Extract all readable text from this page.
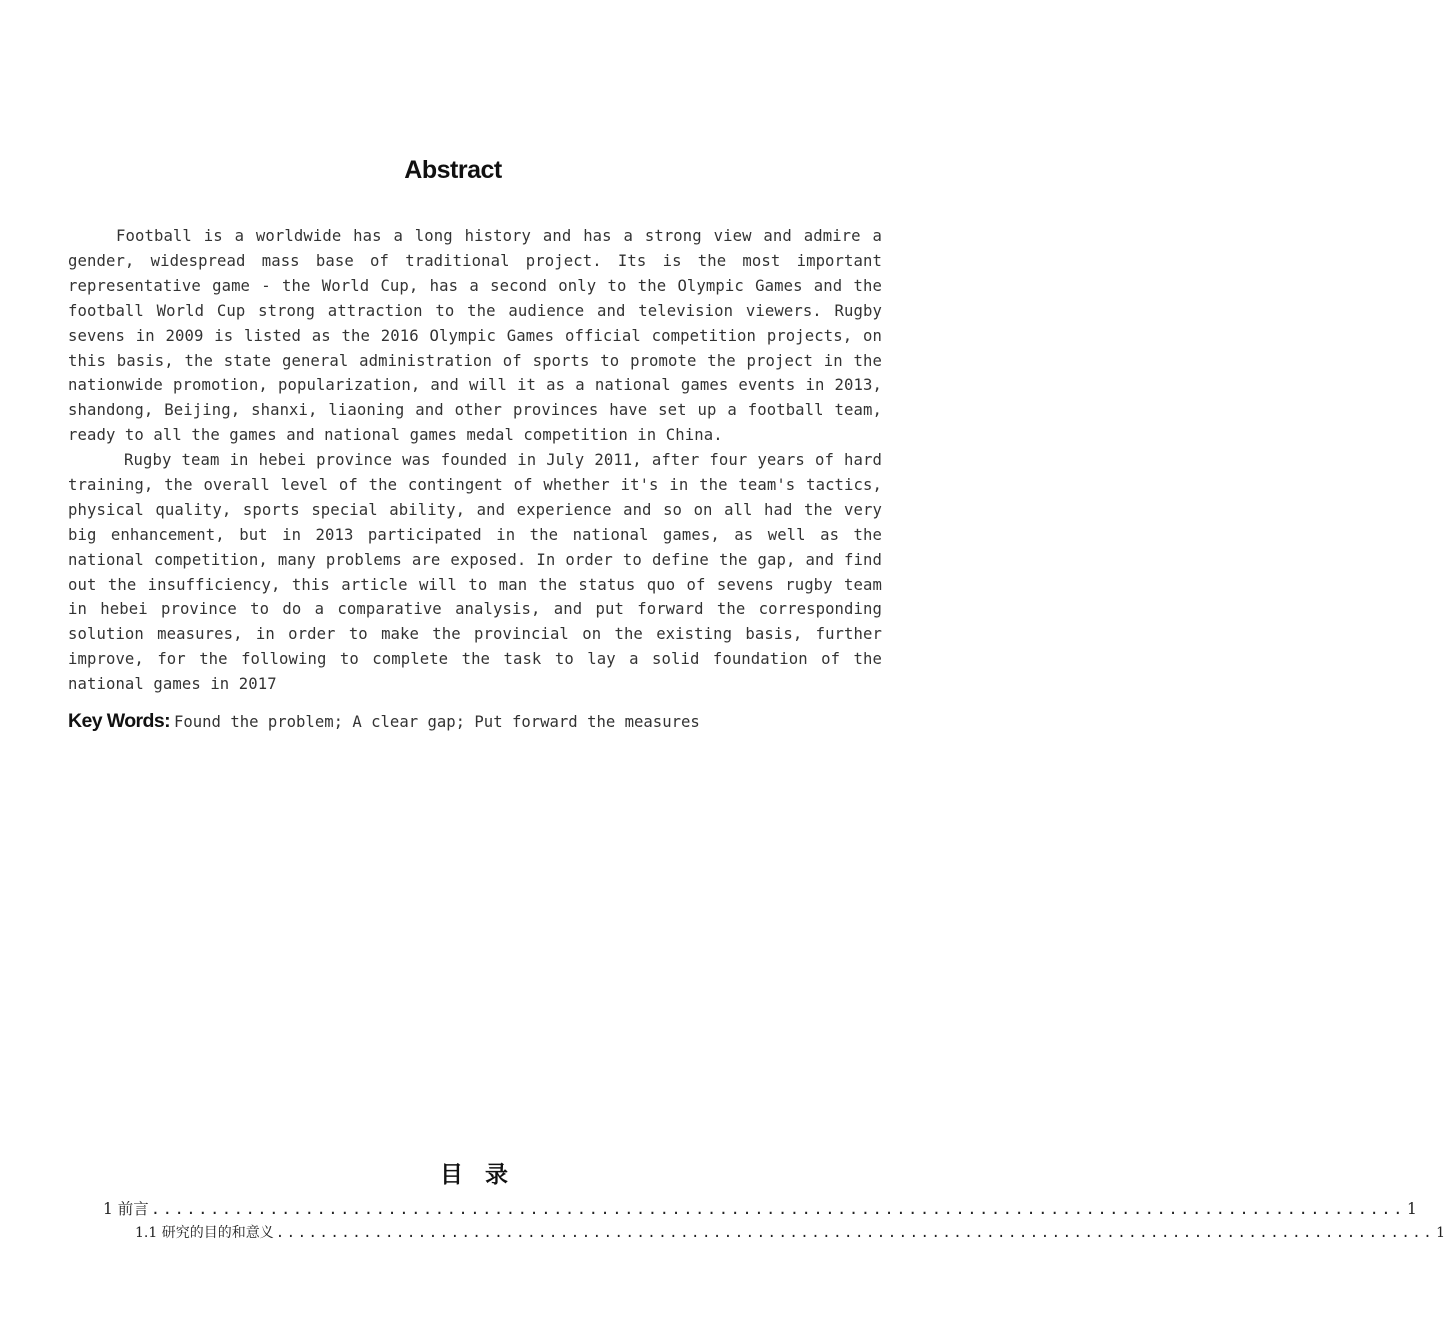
Abstract
Football is a worldwide has a long history and has a strong view and admire a gender, widespread mass base of traditional project. Its is the most important representative game - the World Cup, has a second only to the Olympic Games and the football World Cup strong attraction to the audience and television viewers. Rugby sevens in 2009 is listed as the 2016 Olympic Games official competition projects, on this basis, the state general administration of sports to promote the project in the nationwide promotion, popularization, and will it as a national games events in 2013, shandong, Beijing, shanxi, liaoning and other provinces have set up a football team, ready to all the games and national games medal competition in China.
Rugby team in hebei province was founded in July 2011, after four years of hard training, the overall level of the contingent of whether it's in the team's tactics, physical quality, sports special ability, and experience and so on all had the very big enhancement, but in 2013 participated in the national games, as well as the national competition, many problems are exposed. In order to define the gap, and find out the insufficiency, this article will to man the status quo of sevens rugby team in hebei province to do a comparative analysis, and put forward the corresponding solution measures, in order to make the provincial on the existing basis, further improve, for the following to complete the task to lay a solid foundation of the national games in 2017
Key Words: Found the problem; A clear gap; Put forward the measures
目  录
1 前言 .......................................................................................................... 1
1.1 研究的目的和意义 .......................................................................................................... 1
